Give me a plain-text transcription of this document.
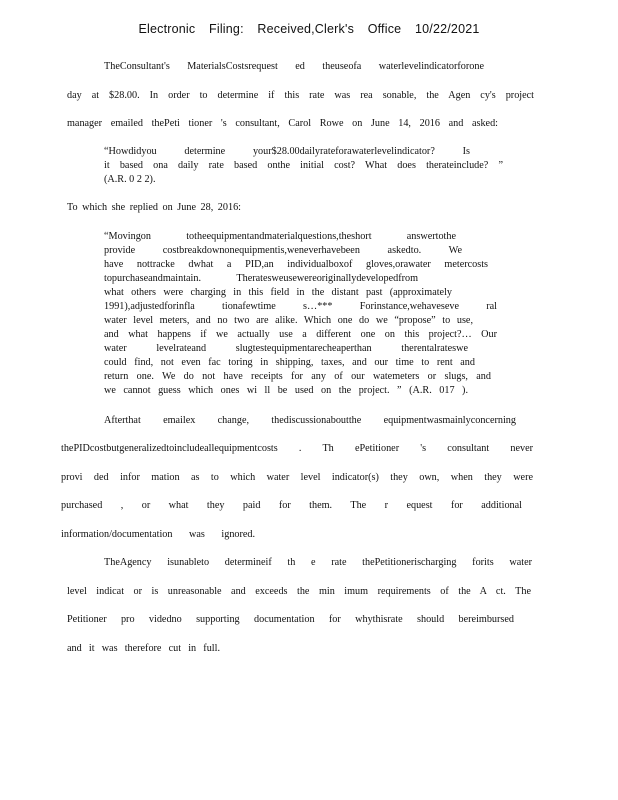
Electronic Filing: Received,Clerk's Office 10/22/2021
TheConsultant's MaterialsCostsrequest ed theuseofa waterlevelindicatorforone
day at $28.00. In order to determine if this rate was rea sonable, the Agen cy's project
manager emailed thePeti tioner 's consultant, Carol Rowe on June 14, 2016 and asked:
“Howdidyou determine your$28.00dailyrateforawaterlevelindicator? Is
it based ona daily rate based onthe initial cost? What does therateinclude? ”
(A.R. 0 2 2).
To which she replied on June 28, 2016:
“Movingon totheequipmentandmaterialquestions,theshort answertothe
provide costbreakdownonequipmentis,weneverhavebeen askedto. We
have nottracke dwhat a PID,an individualboxof gloves,orawater metercosts
topurchaseandmaintain. Theratesweusewereoriginallydevelopedfrom
what others were charging in this field in the distant past (approximately
1991),adjustedforinfla tionafewtime s…*** Forinstance,wehaveseve ral
water level meters, and no two are alike. Which one do we “propose” to use,
and what happens if we actually use a different one on this project?… Our
water levelrateand slugtestequipmentarecheaperthan therentalrateswe
could find, not even fac toring in shipping, taxes, and our time to rent and
return one. We do not have receipts for any of our watemeters or slugs, and
we cannot guess which ones wi ll be used on the project. ” (A.R. 017 ).
Afterthat emailex change, thediscussionaboutthe equipmentwasmainlyconcerning
thePIDcostbutgeneralizedtoincludeallequipmentcosts . Th ePetitioner 's consultant never
provi ded infor mation as to which water level indicator(s) they own, when they were
purchased , or what they paid for them. The r equest for additional
information/documentation was ignored.
TheAgency isunableto determineif th e rate thePetitionerischarging forits water
level indicat or is unreasonable and exceeds the min imum requirements of the A ct. The
Petitioner pro videdno supporting documentation for whythisrate should bereimbursed
and it was therefore cut in full.
